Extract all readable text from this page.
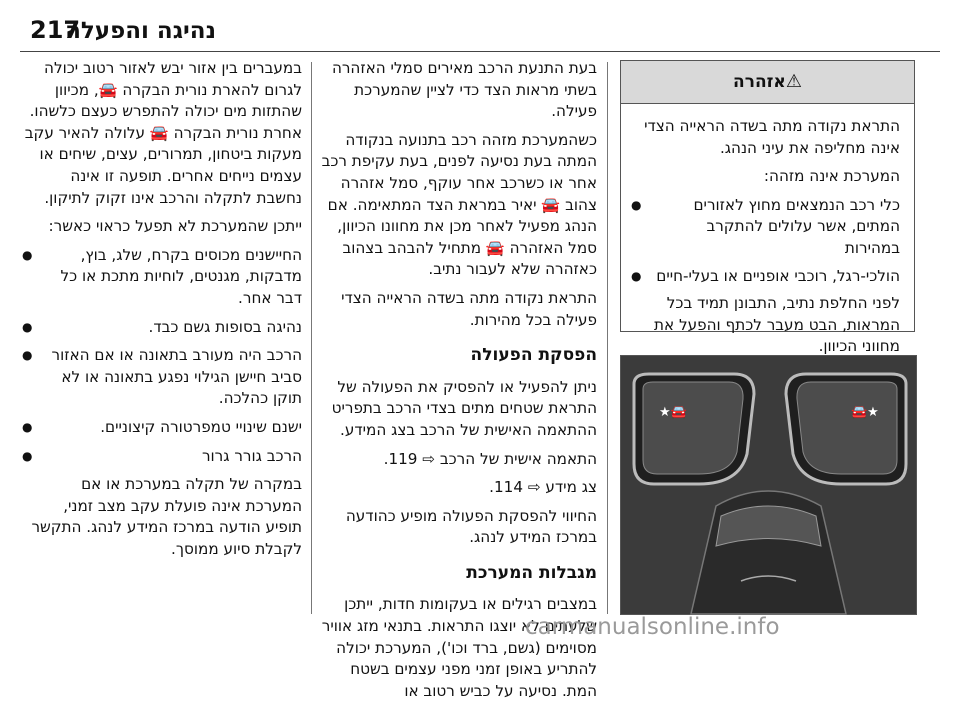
נהיגה והפעלה
217
⚠אזהרה

התראת נקודה מתה בשדה הראייה הצדי אינה מחליפה את עיני הנהג.

המערכת אינה מזהה:

כלי רכב הנמצאים מחוץ לאזורים המתים, אשר עלולים להתקרב במהירות ●
הולכי-רגל, רוכבי אופניים או בעלי-חיים ●

לפני החלפת נתיב, התבונן תמיד בכל המראות, הבט מעבר לכתף והפעל את מחווני הכיוון.

★🚘	🚘★

בעת התנעת הרכב מאירים סמלי האזהרה בשתי מראות הצד כדי לציין שהמערכת פעילה.

כשהמערכת מזהה רכב בתנועה בנקודה המתה בעת נסיעה לפנים, בעת עקיפת רכב אחר או כשרכב אחר עוקף, סמל אזהרה צהוב 🚘 יאיר במראת הצד המתאימה. אם הנהג מפעיל לאחר מכן את מחוונו הכיוון, סמל האזהרה 🚘 מתחיל להבהב בצהוב כאזהרה שלא לעבור נתיב.

התראת נקודה מתה בשדה הראייה הצדי פעילה בכל מהירות.

הפסקת הפעולה

ניתן להפעיל או להפסיק את הפעולה של התראת שטחים מתים בצדי הרכב בתפריט ההתאמה האישית של הרכב בצג המידע.

התאמה אישית של הרכב ⇨ 119.

צג מידע ⇨ 114.

החיווי להפסקת הפעולה מופיע כהודעה במרכז המידע לנהג.

מגבלות המערכת

במצבים רגילים או בעקומות חדות, ייתכן שלעתים לא יוצגו התראות. בתנאי מזג אוויר מסוימים (גשם, ברד וכו'), המערכת יכולה להתריע באופן זמני מפני עצמים בשטח המת. נסיעה על כביש רטוב או

במעברים בין אזור יבש לאזור רטוב יכולה לגרום להארת נורית הבקרה 🚘, מכיוון שהתזות מים יכולה להתפרש כעצם כלשהו. אחרת נורית הבקרה 🚘 עלולה להאיר עקב מעקות ביטחון, תמרורים, עצים, שיחים או עצמים נייחים אחרים. תופעה זו אינה נחשבת לתקלה והרכב אינו זקוק לתיקון.

ייתכן שהמערכת לא תפעל כראוי כאשר:

החיישנים מכוסים בקרח, שלג, בוץ, מדבקות, מגנטים, לוחיות מתכת או כל דבר אחר. ●
נהיגה בסופות גשם כבד. ●
הרכב היה מעורב בתאונה או אם האזור סביב חיישן הגילוי נפגע בתאונה או לא תוקן כהלכה. ●
ישנם שינויי טמפרטורה קיצוניים. ●
הרכב גורר גרור ●

במקרה של תקלה במערכת או אם המערכת אינה פועלת עקב מצב זמני, תופיע הודעה במרכז המידע לנהג. התקשר לקבלת סיוע ממוסך.

carmanualsonline.info
